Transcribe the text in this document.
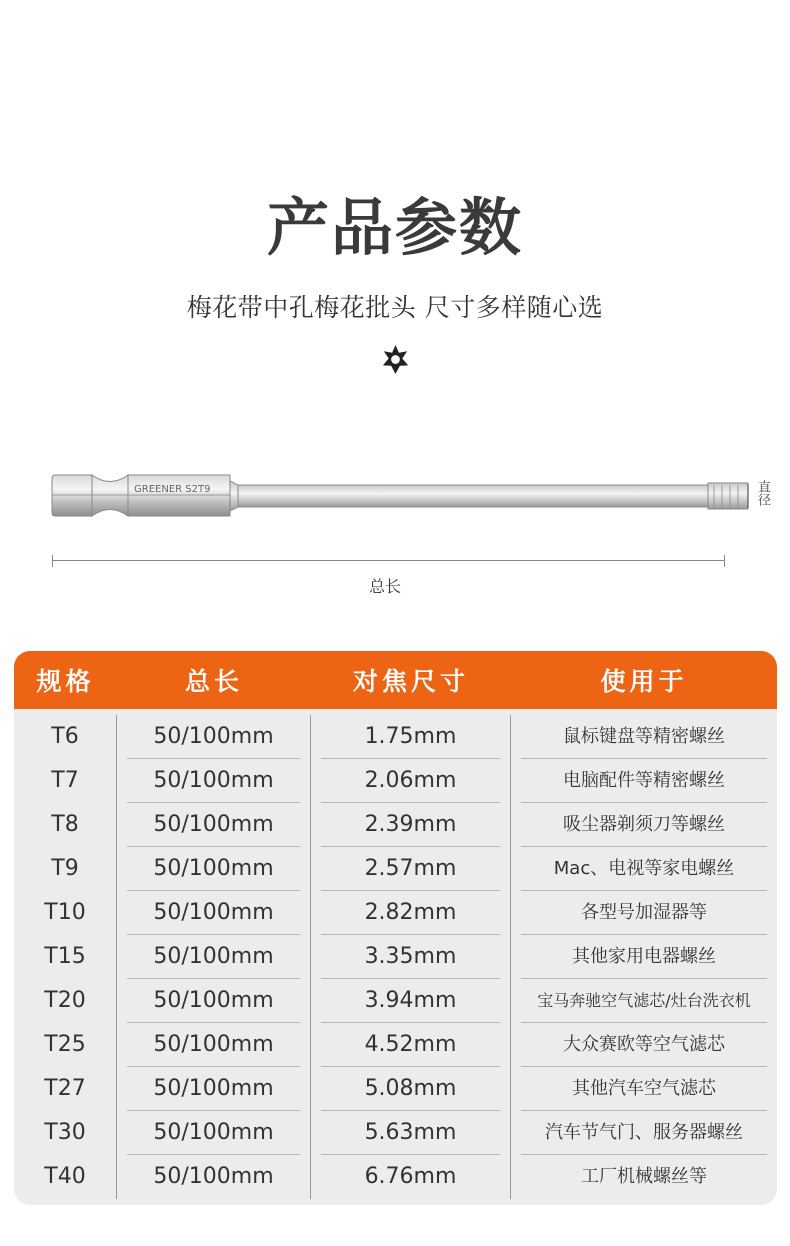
产品参数
梅花带中孔梅花批头 尺寸多样随心选
GREENER S2T9	直径
总长
规格	总长	对焦尺寸	使用于
T6	50/100mm	1.75mm	鼠标键盘等精密螺丝
T7	50/100mm	2.06mm	电脑配件等精密螺丝
T8	50/100mm	2.39mm	吸尘器剃须刀等螺丝
T9	50/100mm	2.57mm	Mac、电视等家电螺丝
T10	50/100mm	2.82mm	各型号加湿器等
T15	50/100mm	3.35mm	其他家用电器螺丝
T20	50/100mm	3.94mm	宝马奔驰空气滤芯/灶台洗衣机
T25	50/100mm	4.52mm	大众赛欧等空气滤芯
T27	50/100mm	5.08mm	其他汽车空气滤芯
T30	50/100mm	5.63mm	汽车节气门、服务器螺丝
T40	50/100mm	6.76mm	工厂机械螺丝等
